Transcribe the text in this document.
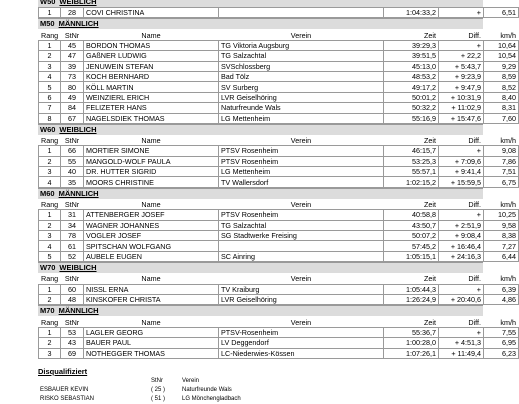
W50 WEIBLICH
1	28	COVI CHRISTINA		1:04:33,2	+	6,51
M50 MÄNNLICH
Rang	StNr	Name	Verein	Zeit	Diff.	km/h
1	45	BORDON THOMAS	TG Viktoria Augsburg	39:29,3	+	10,64
2	47	GAßNER LUDWIG	TG Salzachtal	39:51,5	+ 22,2	10,54
3	39	JENUWEIN STEFAN	SVSchlossberg	45:13,0	+ 5:43,7	9,29
4	73	KOCH BERNHARD	Bad Tölz	48:53,2	+ 9:23,9	8,59
5	80	KÖLL MARTIN	SV Surberg	49:17,2	+ 9:47,9	8,52
6	49	WEINZIERL ERICH	LVR Geiselhöring	50:01,2	+ 10:31,9	8,40
7	84	FELIZETER HANS	Naturfreunde Wals	50:32,2	+ 11:02,9	8,31
8	67	NAGELSDIEK THOMAS	LG Mettenheim	55:16,9	+ 15:47,6	7,60
W60 WEIBLICH
Rang	StNr	Name	Verein	Zeit	Diff.	km/h
1	66	MORTIER SIMONE	PTSV Rosenheim	46:15,7	+	9,08
2	55	MANGOLD-WOLF PAULA	PTSV Rosenheim	53:25,3	+ 7:09,6	7,86
3	40	DR. HUTTER SIGRID	LG Mettenheim	55:57,1	+ 9:41,4	7,51
4	35	MOORS CHRISTINE	TV Wallersdorf	1:02:15,2	+ 15:59,5	6,75
M60 MÄNNLICH
Rang	StNr	Name	Verein	Zeit	Diff.	km/h
1	31	ATTENBERGER JOSEF	PTSV Rosenheim	40:58,8	+	10,25
2	34	WAGNER JOHANNES	TG Salzachtal	43:50,7	+ 2:51,9	9,58
3	78	VOGLER JOSEF	SG Stadtwerke Freising	50:07,2	+ 9:08,4	8,38
4	61	SPITSCHAN WOLFGANG		57:45,2	+ 16:46,4	7,27
5	52	AUBELE EUGEN	SC Ainring	1:05:15,1	+ 24:16,3	6,44
W70 WEIBLICH
Rang	StNr	Name	Verein	Zeit	Diff.	km/h
1	60	NISSL ERNA	TV Kraiburg	1:05:44,3	+	6,39
2	48	KINSKOFER CHRISTA	LVR Geiselhöring	1:26:24,9	+ 20:40,6	4,86
M70 MÄNNLICH
Rang	StNr	Name	Verein	Zeit	Diff.	km/h
1	53	LAGLER GEORG	PTSV-Rosenheim	55:36,7	+	7,55
2	43	BAUER PAUL	LV Deggendorf	1:00:28,0	+ 4:51,3	6,95
3	69	NOTHEGGER THOMAS	LC-Niederwies-Kössen	1:07:26,1	+ 11:49,4	6,23
Disqualifiziert
StNr	Verein
ESBAUER KEVIN	( 25 )	Naturfreunde Wals
RISKO SEBASTIAN	( 51 )	LG Mönchengladbach
